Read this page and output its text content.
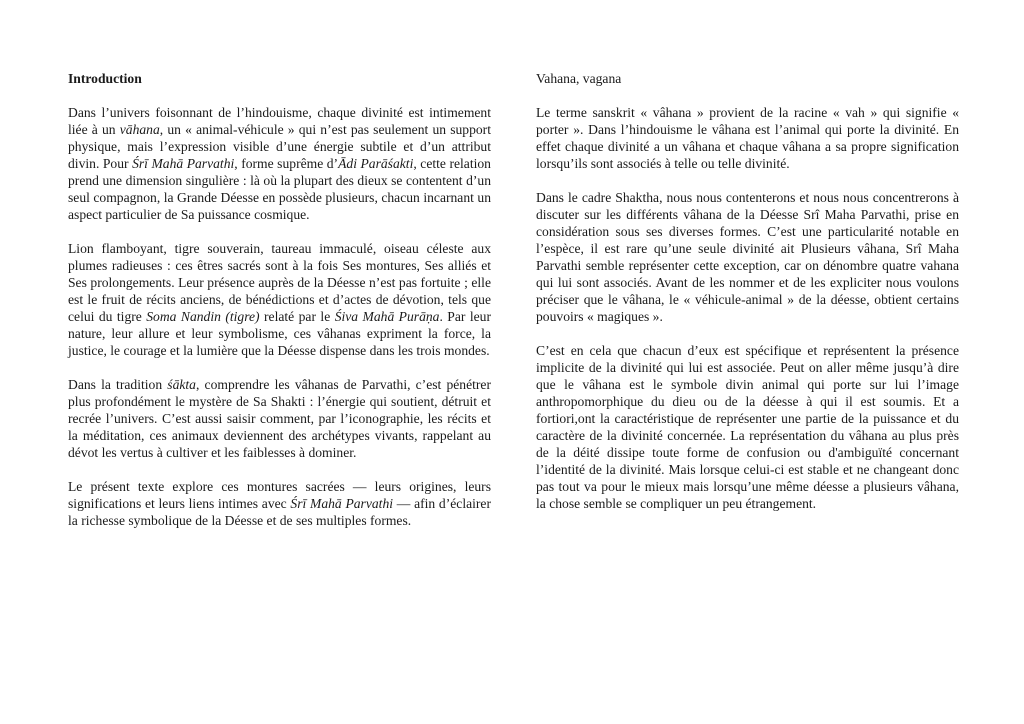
Introduction

Dans l’univers foisonnant de l’hindouisme, chaque divinité est intimement liée à un vāhana, un « animal-véhicule » qui n’est pas seulement un support physique, mais l’expression visible d’une énergie subtile et d’un attribut divin. Pour Śrī Mahā Parvathi, forme suprême d’Ādi Parāśakti, cette relation prend une dimension singulière : là où la plupart des dieux se contentent d’un seul compagnon, la Grande Déesse en possède plusieurs, chacun incarnant un aspect particulier de Sa puissance cosmique.

Lion flamboyant, tigre souverain, taureau immaculé, oiseau céleste aux plumes radieuses : ces êtres sacrés sont à la fois Ses montures, Ses alliés et Ses prolongements. Leur présence auprès de la Déesse n’est pas fortuite ; elle est le fruit de récits anciens, de bénédictions et d’actes de dévotion, tels que celui du tigre Soma Nandin (tigre) relaté par le Śiva Mahā Purāṇa. Par leur nature, leur allure et leur symbolisme, ces vâhanas expriment la force, la justice, le courage et la lumière que la Déesse dispense dans les trois mondes.

Dans la tradition śākta, comprendre les vâhanas de Parvathi, c’est pénétrer plus profondément le mystère de Sa Shakti : l’énergie qui soutient, détruit et recrée l’univers. C’est aussi saisir comment, par l’iconographie, les récits et la méditation, ces animaux deviennent des archétypes vivants, rappelant au dévot les vertus à cultiver et les faiblesses à dominer.

Le présent texte explore ces montures sacrées — leurs origines, leurs significations et leurs liens intimes avec Śrī Mahā Parvathi — afin d’éclairer la richesse symbolique de la Déesse et de ses multiples formes.

Vahana, vagana

Le terme sanskrit « vâhana » provient de la racine « vah » qui signifie « porter ». Dans l’hindouisme le vâhana est l’animal qui porte la divinité. En effet chaque divinité a un vâhana et chaque vâhana a sa propre signification lorsqu’ils sont associés à telle ou telle divinité.

Dans le cadre Shaktha, nous nous contenterons et nous nous concentrerons à discuter sur les différents vâhana de la Déesse Srî Maha Parvathi, prise en considération sous ses diverses formes. C’est une particularité notable en l’espèce, il est rare qu’une seule divinité ait Plusieurs vâhana, Srî Maha Parvathi semble représenter cette exception, car on dénombre quatre vahana qui lui sont associés. Avant de les nommer et de les expliciter nous voulons préciser que le vâhana, le « véhicule-animal » de la déesse, obtient certains pouvoirs « magiques ».

C’est en cela que chacun d’eux est spécifique et représentent la présence implicite de la divinité qui lui est associée. Peut on aller même jusqu’à dire que le vâhana est le symbole divin animal qui porte sur lui l’image anthropomorphique du dieu ou de la déesse à qui il est soumis. Et a fortiori,ont la caractéristique de représenter une partie de la puissance et du caractère de la divinité concernée. La représentation du vâhana au plus près de la déité dissipe toute forme de confusion ou d'ambiguïté concernant l’identité de la divinité. Mais lorsque celui-ci est stable et ne changeant donc pas tout va pour le mieux mais lorsqu’une même déesse a plusieurs vâhana, la chose semble se compliquer un peu étrangement.
